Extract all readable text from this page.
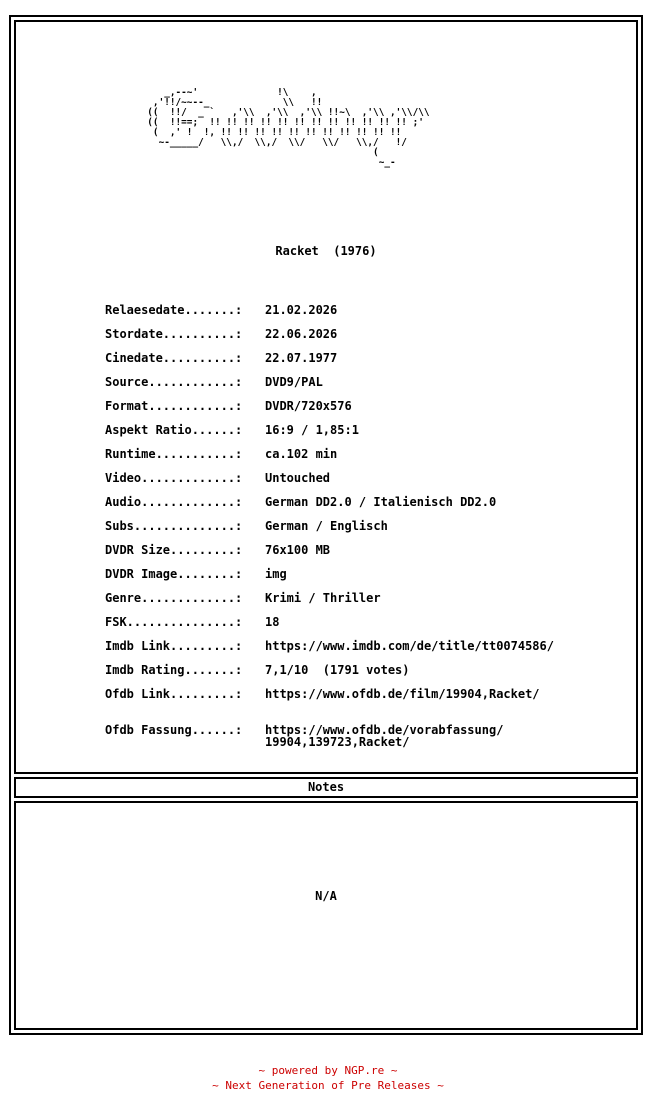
_,--~'              !\    ,
,'!!/~~--_             \\   !!
((  !!/  _ `   ,'\\  ,'\\  ,'\\ !!~\  ,'\\ ,'\\/\\
((  !!==;  !! !! !! !! !! !! !! !! !! !! !! !! ;'
(  ,' !  !, !! !! !! !! !! !! !! !! !! !! !!
~-_____/   \\,/  \\,/  \\/   \\/   \\,/   !/
(
~_-
Racket  (1976)
Relaesedate.......:	21.02.2026
Stordate..........:	22.06.2026
Cinedate..........:	22.07.1977
Source............:	DVD9/PAL
Format............:	DVDR/720x576
Aspekt Ratio......:	16:9 / 1,85:1
Runtime...........:	ca.102 min
Video.............:	Untouched
Audio.............:	German DD2.0 / Italienisch DD2.0
Subs..............:	German / Englisch
DVDR Size.........:	76x100 MB
DVDR Image........:	img
Genre.............:	Krimi / Thriller
FSK...............:	18
Imdb Link.........:	https://www.imdb.com/de/title/tt0074586/
Imdb Rating.......:	7,1/10  (1791 votes)
Ofdb Link.........:	https://www.ofdb.de/film/19904,Racket/
Ofdb Fassung......:	https://www.ofdb.de/vorabfassung/
19904,139723,Racket/
Notes
N/A
~ powered by NGP.re ~
~ Next Generation of Pre Releases ~
